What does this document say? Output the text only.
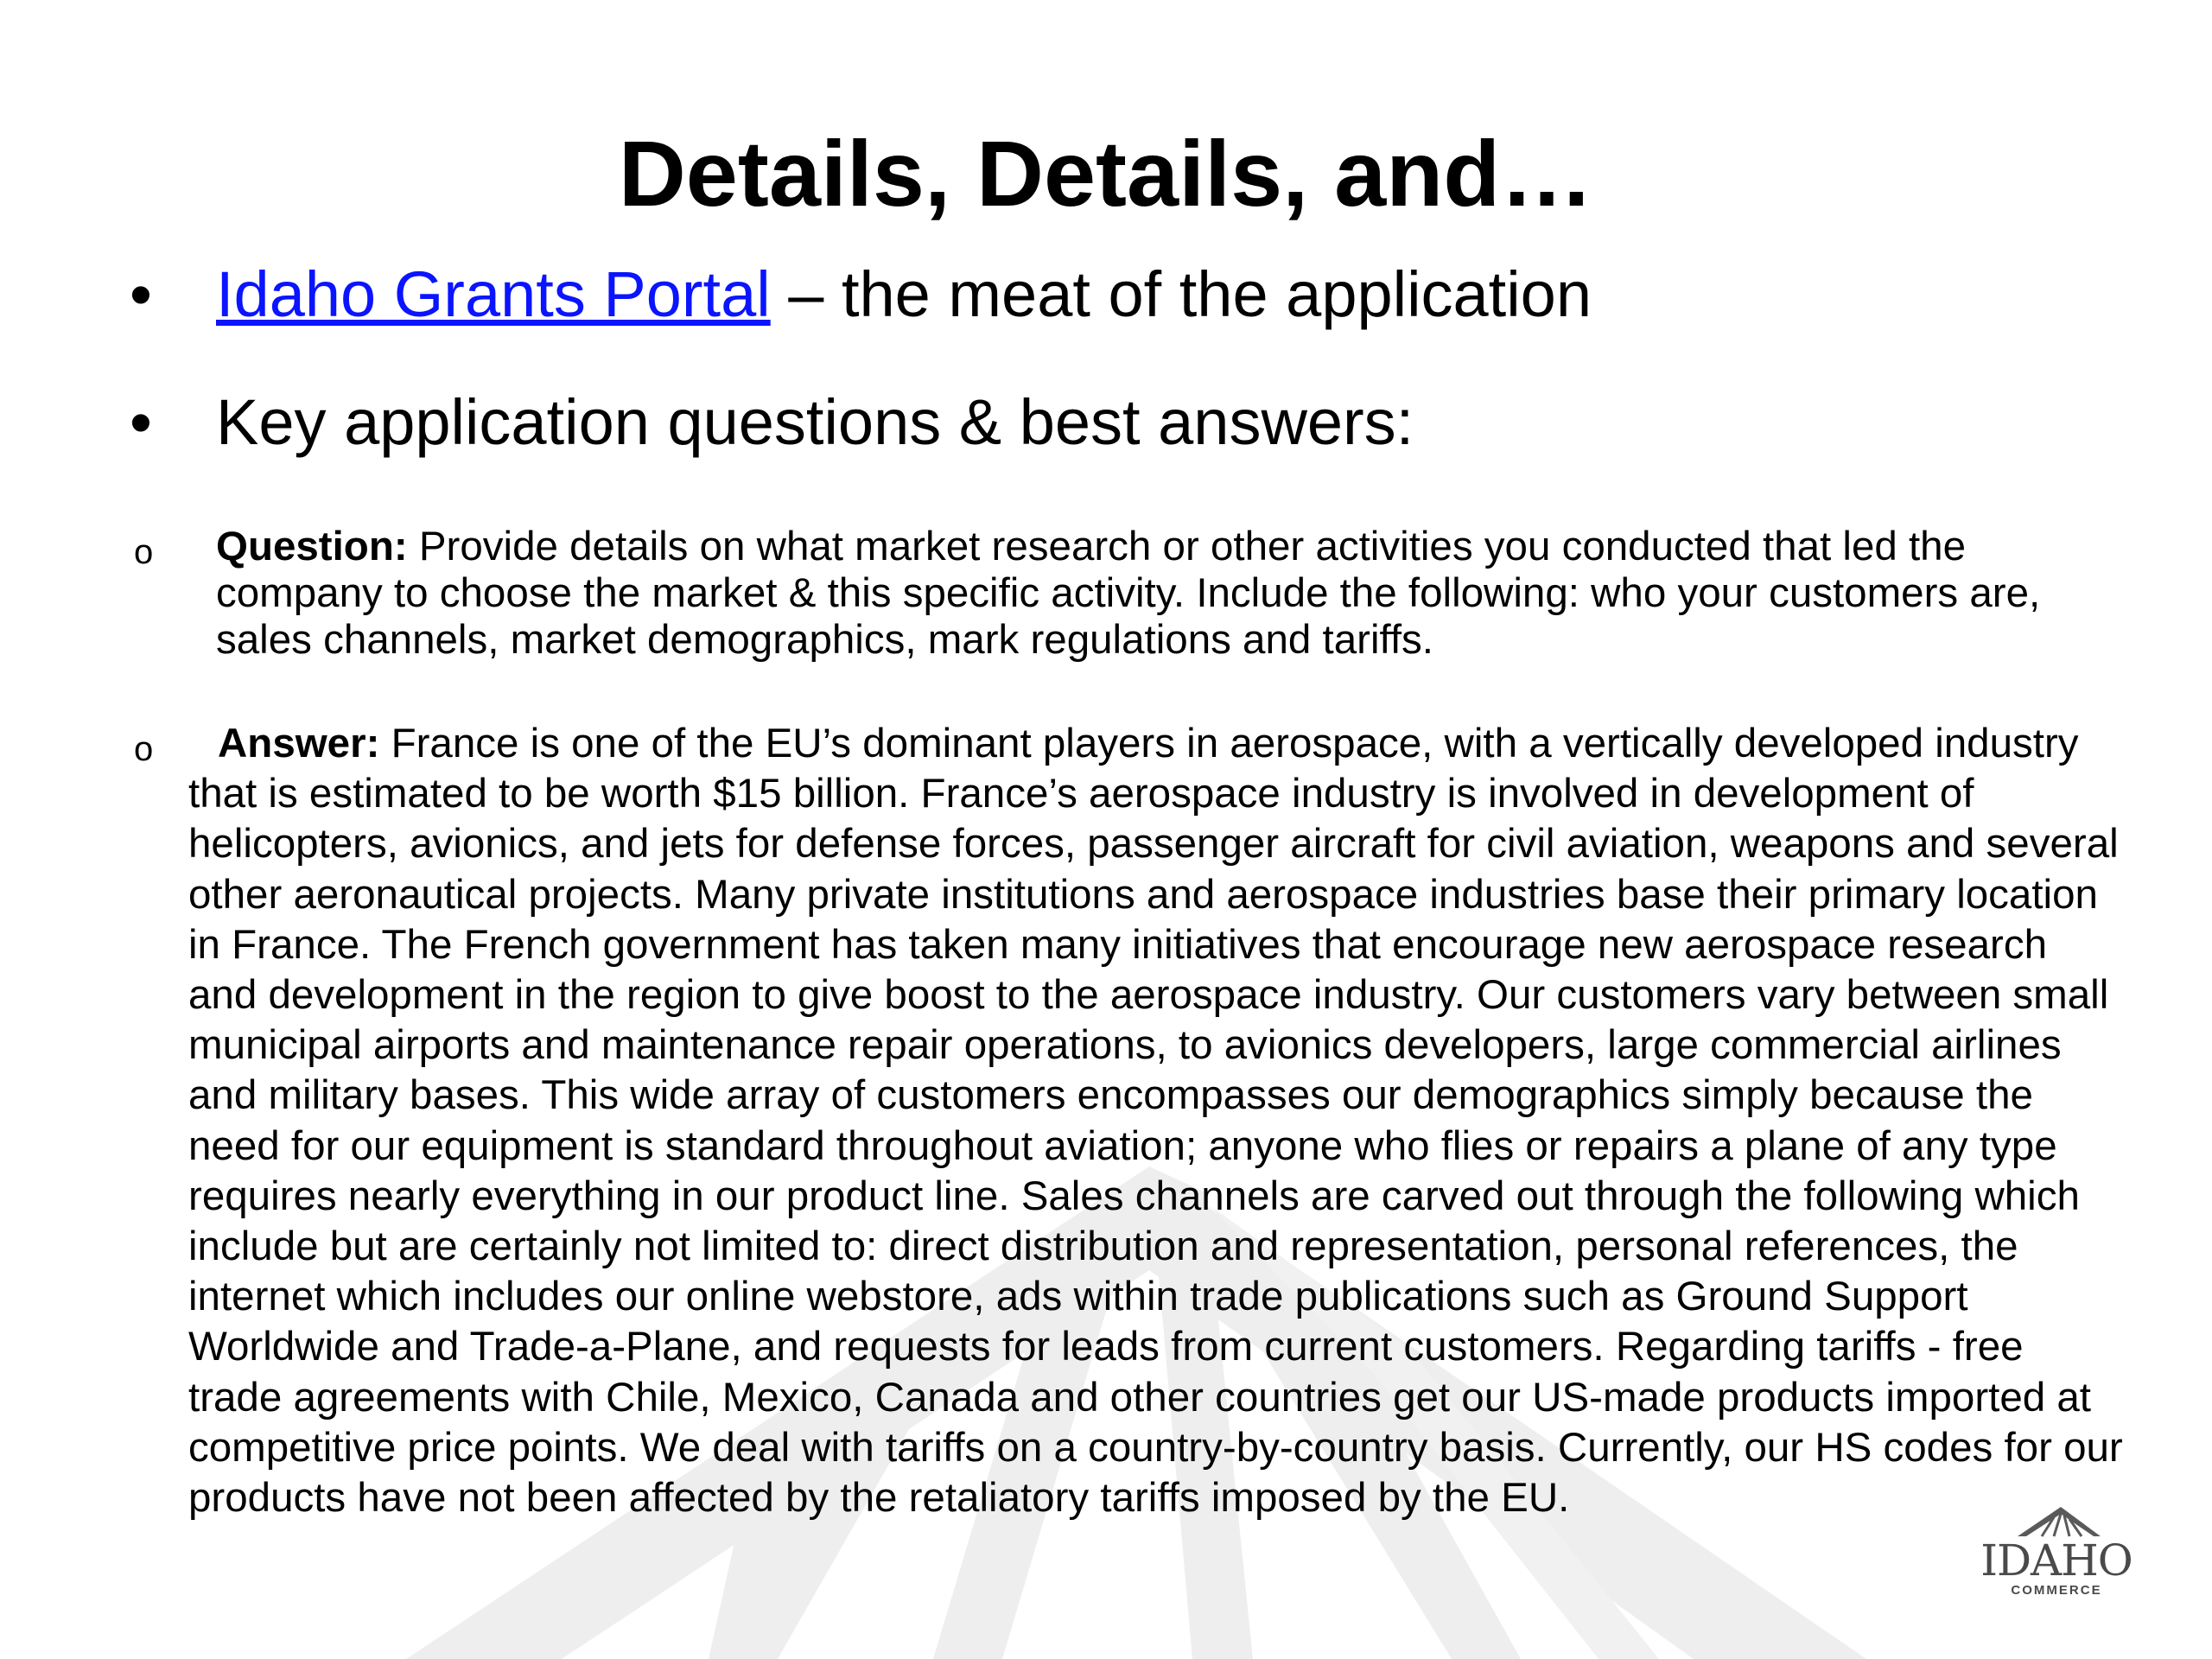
Details, Details, and…
• Idaho Grants Portal – the meat of the application
• Key application questions & best answers:
o Question: Provide details on what market research or other activities you conducted that led the company to choose the market & this specific activity. Include the following: who your customers are, sales channels, market demographics, mark regulations and tariffs.
o	Answer: France is one of the EU’s dominant players in aerospace, with a vertically developed industry that is estimated to be worth $15 billion. France’s aerospace industry is involved in development of helicopters, avionics, and jets for defense forces, passenger aircraft for civil aviation, weapons and several other aeronautical projects. Many private institutions and aerospace industries base their primary location in France. The French government has taken many initiatives that encourage new aerospace research and development in the region to give boost to the aerospace industry. Our customers vary between small municipal airports and maintenance repair operations, to avionics developers, large commercial airlines and military bases. This wide array of customers encompasses our demographics simply because the need for our equipment is standard throughout aviation; anyone who flies or repairs a plane of any type requires nearly everything in our product line. Sales channels are carved out through the following which include but are certainly not limited to: direct distribution and representation, personal references, the internet which includes our online webstore, ads within trade publications such as Ground Support Worldwide and Trade-a-Plane, and requests for leads from current customers. Regarding tariffs - free trade agreements with Chile, Mexico, Canada and other countries get our US-made products imported at competitive price points. We deal with tariffs on a country-by-country basis. Currently, our HS codes for our products have not been affected by the retaliatory tariffs imposed by the EU.
IDAHO
COMMERCE
